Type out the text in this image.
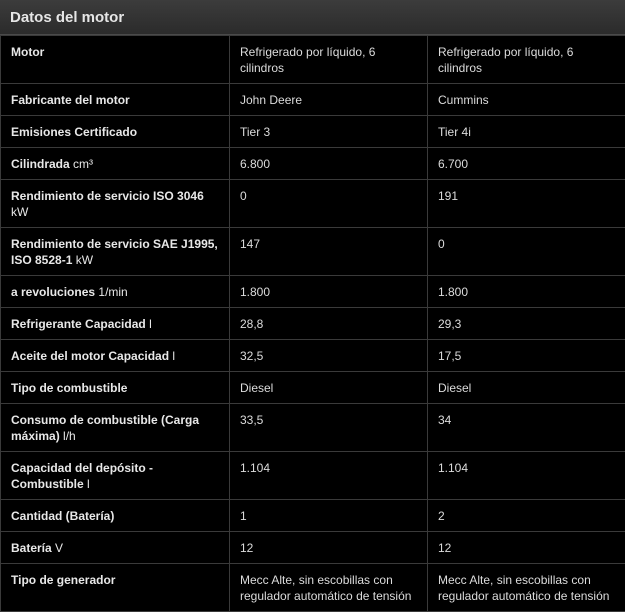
Datos del motor
Motor	Refrigerado por líquido, 6 cilindros	Refrigerado por líquido, 6 cilindros
Fabricante del motor	John Deere	Cummins
Emisiones Certificado	Tier 3	Tier 4i
Cilindrada cm³	6.800	6.700
Rendimiento de servicio ISO 3046 kW	0	191
Rendimiento de servicio SAE J1995, ISO 8528-1 kW	147	0
a revoluciones 1/min	1.800	1.800
Refrigerante Capacidad l	28,8	29,3
Aceite del motor Capacidad l	32,5	17,5
Tipo de combustible	Diesel	Diesel
Consumo de combustible (Carga máxima) l/h	33,5	34
Capacidad del depósito -Combustible l	1.104	1.104
Cantidad (Batería)	1	2
Batería V	12	12
Tipo de generador	Mecc Alte, sin escobillas con regulador automático de tensión	Mecc Alte, sin escobillas con regulador automático de tensión
